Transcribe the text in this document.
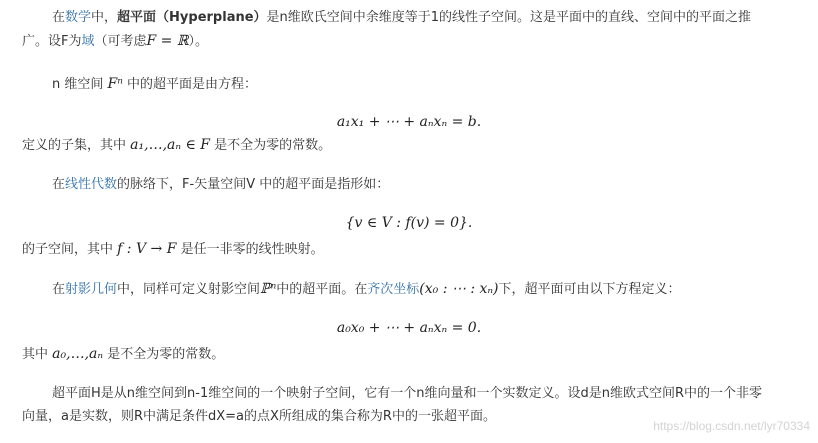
在数学中，超平面（Hyperplane）是n维欧氏空间中余维度等于1的线性子空间。这是平面中的直线、空间中的平面之推
广。设F为域（可考虑F = ℝ）。
n 维空间 Fⁿ 中的超平面是由方程：
a₁x₁ + ⋯ + aₙxₙ = b.
定义的子集，其中 a₁,…,aₙ ∈ F 是不全为零的常数。
在线性代数的脉络下，F-矢量空间V 中的超平面是指形如：
{v ∈ V : f(v) = 0}.
的子空间，其中 f : V → F 是任一非零的线性映射。
在射影几何中，同样可定义射影空间ℙⁿ中的超平面。在齐次坐标(x₀ : ⋯ : xₙ)下，超平面可由以下方程定义：
a₀x₀ + ⋯ + aₙxₙ = 0.
其中 a₀,…,aₙ 是不全为零的常数。
超平面H是从n维空间到n-1维空间的一个映射子空间，它有一个n维向量和一个实数定义。设d是n维欧式空间R中的一个非零
向量，a是实数，则R中满足条件dX=a的点X所组成的集合称为R中的一张超平面。
https://blog.csdn.net/lyr70334
